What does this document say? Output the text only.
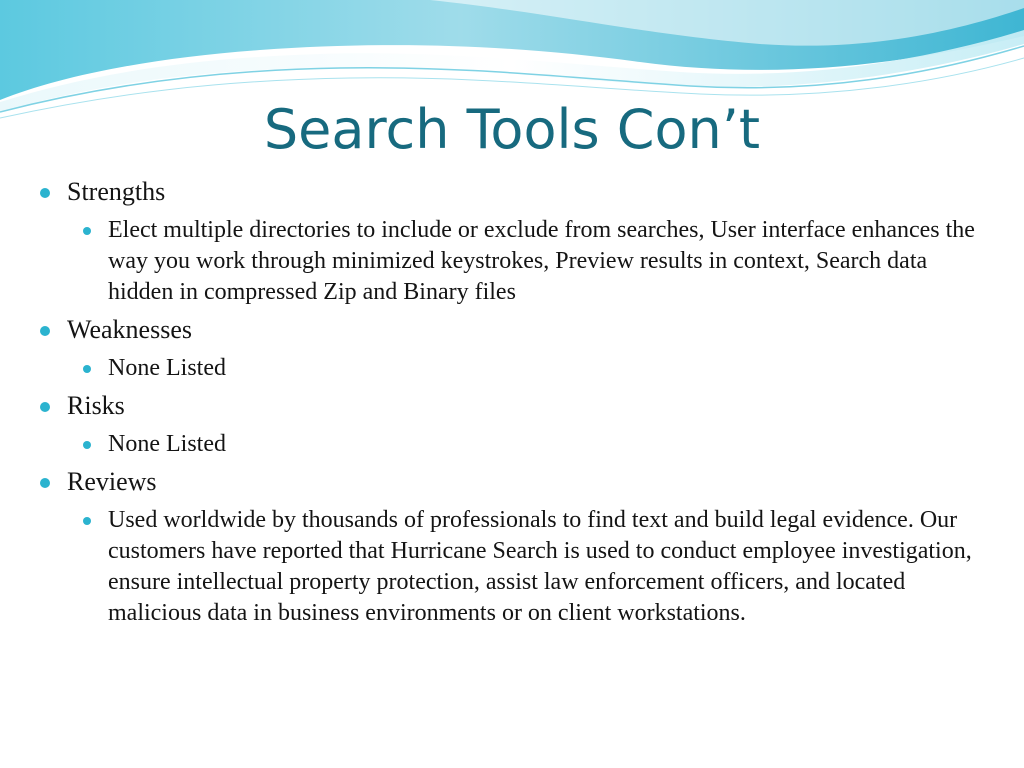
Search Tools Con’t
Strengths
Elect multiple directories to include or exclude from searches, User interface enhances the way you work through minimized keystrokes, Preview results in context, Search data hidden in compressed Zip and Binary files
Weaknesses
None Listed
Risks
None Listed
Reviews
Used worldwide by thousands of professionals to find text and build legal evidence. Our customers have reported that Hurricane Search is used to conduct employee investigation, ensure intellectual property protection, assist law enforcement officers, and located malicious data in business environments or on client workstations.
